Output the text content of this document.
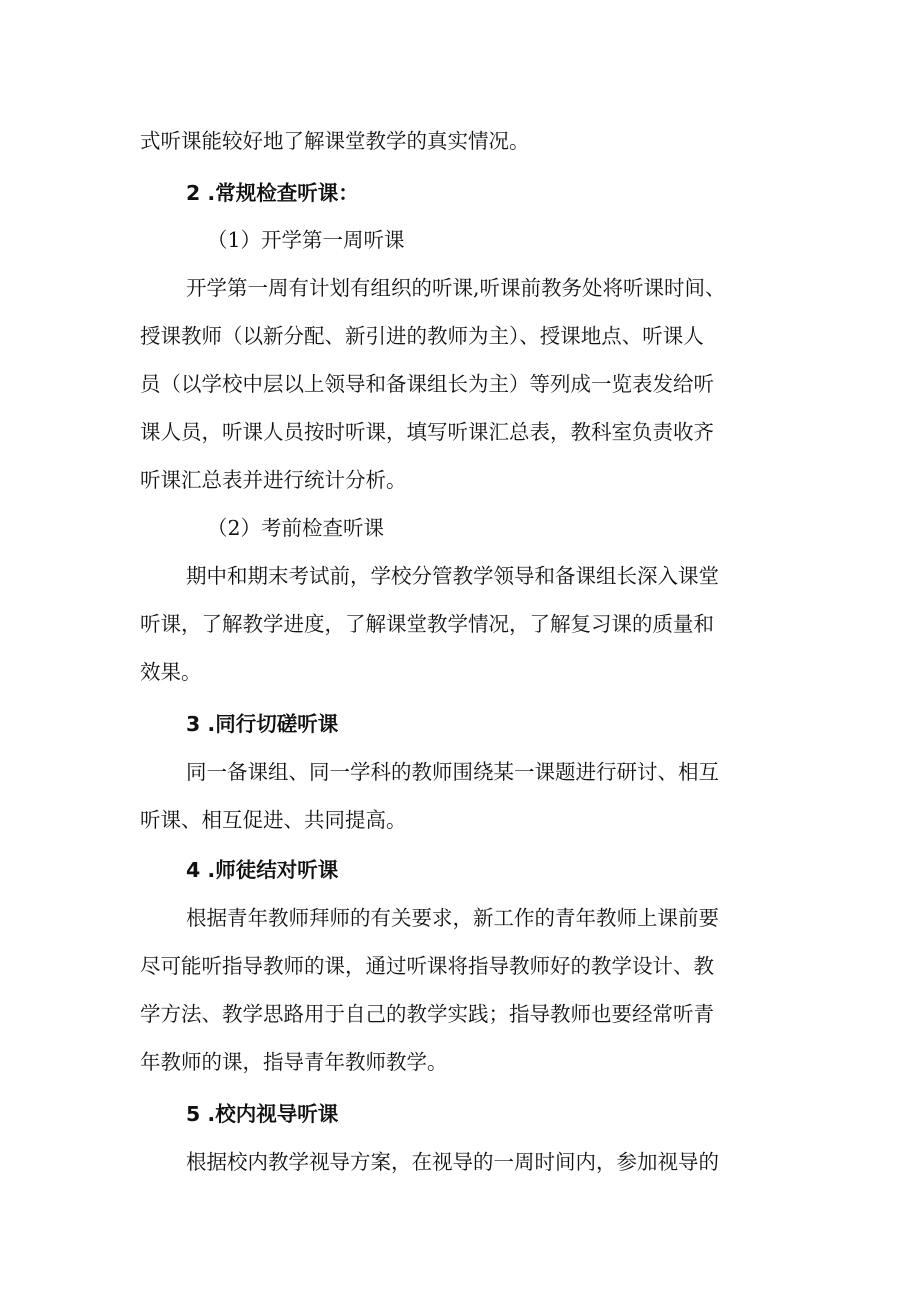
式听课能较好地了解课堂教学的真实情况。
2 .常规检查听课：
（1）开学第一周听课
开学第一周有计划有组织的听课,听课前教务处将听课时间、
授课教师（以新分配、新引进的教师为主）、授课地点、听课人
员（以学校中层以上领导和备课组长为主）等列成一览表发给听
课人员，听课人员按时听课，填写听课汇总表，教科室负责收齐
听课汇总表并进行统计分析。
（2）考前检查听课
期中和期末考试前，学校分管教学领导和备课组长深入课堂
听课，了解教学进度，了解课堂教学情况，了解复习课的质量和
效果。
3 .同行切磋听课
同一备课组、同一学科的教师围绕某一课题进行研讨、相互
听课、相互促进、共同提高。
4 .师徒结对听课
根据青年教师拜师的有关要求，新工作的青年教师上课前要
尽可能听指导教师的课，通过听课将指导教师好的教学设计、教
学方法、教学思路用于自己的教学实践；指导教师也要经常听青
年教师的课，指导青年教师教学。
5 .校内视导听课
根据校内教学视导方案，在视导的一周时间内，参加视导的
